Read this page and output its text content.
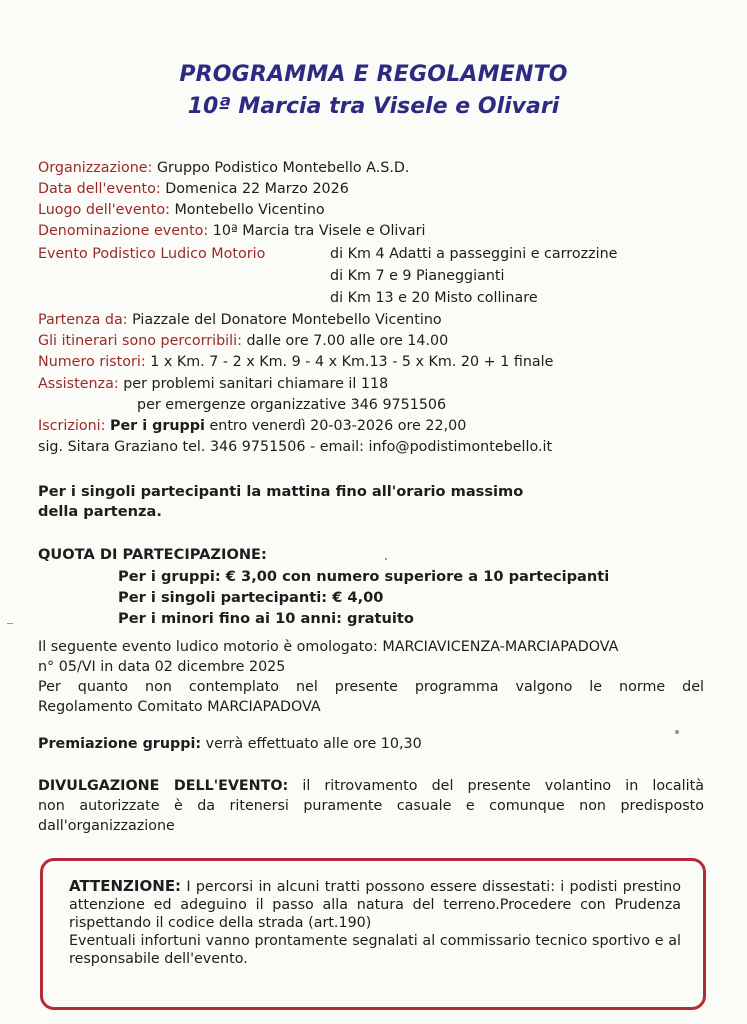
PROGRAMMA E REGOLAMENTO
10ª Marcia tra Visele e Olivari
Organizzazione: Gruppo Podistico Montebello A.S.D.
Data dell'evento: Domenica 22 Marzo 2026
Luogo dell'evento: Montebello Vicentino
Denominazione evento: 10ª Marcia tra Visele e Olivari
Evento Podistico Ludico Motorio	di Km 4 Adatti a passeggini e carrozzine
di Km 7 e 9 Pianeggianti
di Km 13 e 20 Misto collinare
Partenza da: Piazzale del Donatore Montebello Vicentino
Gli itinerari sono percorribili: dalle ore 7.00 alle ore 14.00
Numero ristori: 1 x Km. 7 - 2 x Km. 9 - 4 x Km.13 - 5 x Km. 20 + 1 finale
Assistenza: per problemi sanitari chiamare il 118
per emergenze organizzative 346 9751506
Iscrizioni: Per i gruppi entro venerdì 20-03-2026 ore 22,00
sig. Sitara Graziano tel. 346 9751506 - email: info@podistimontebello.it
Per i singoli partecipanti la mattina fino all'orario massimo
della partenza.
QUOTA DI PARTECIPAZIONE:
Per i gruppi: € 3,00 con numero superiore a 10 partecipanti
Per i singoli partecipanti: € 4,00
Per i minori fino ai 10 anni: gratuito
Il seguente evento ludico motorio è omologato: MARCIAVICENZA-MARCIAPADOVA
n° 05/VI in data 02 dicembre 2025
Per quanto non contemplato nel presente programma valgono le norme del
Regolamento Comitato MARCIAPADOVA
Premiazione gruppi: verrà effettuato alle ore 10,30
DIVULGAZIONE DELL'EVENTO: il ritrovamento del presente volantino in località
non autorizzate è da ritenersi puramente casuale e comunque non predisposto
dall'organizzazione
ATTENZIONE: I percorsi in alcuni tratti possono essere dissestati: i podisti prestino attenzione ed adeguino il passo alla natura del terreno.Procedere con Prudenza rispettando il codice della strada (art.190)
Eventuali infortuni vanno prontamente segnalati al commissario tecnico sportivo e al responsabile dell'evento.
